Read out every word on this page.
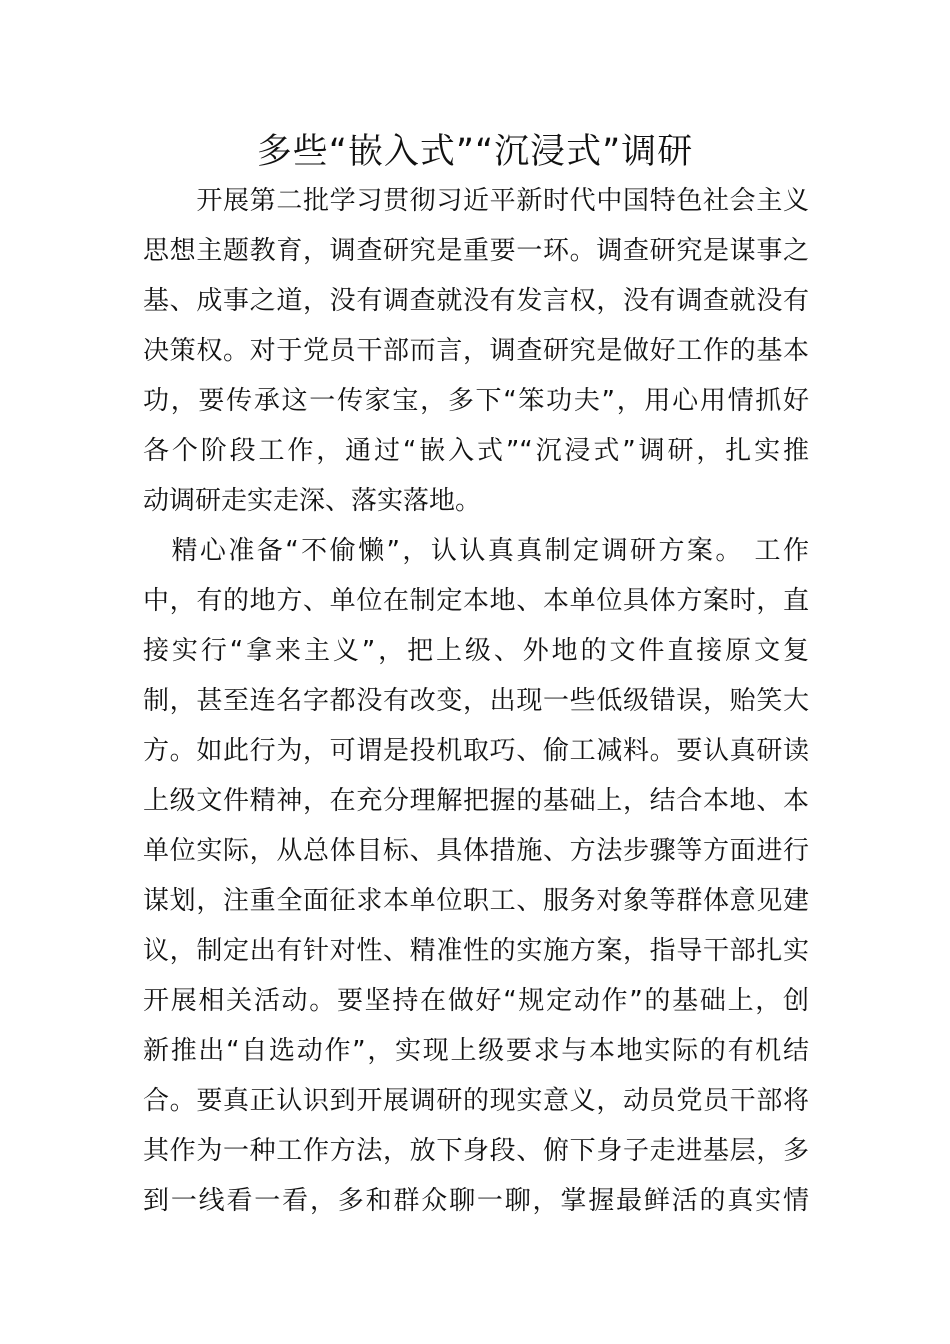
多些“嵌入式”“沉浸式”调研
　　开展第二批学习贯彻习近平新时代中国特色社会主义
思想主题教育，调查研究是重要一环。调查研究是谋事之
基、成事之道，没有调查就没有发言权，没有调查就没有
决策权。对于党员干部而言，调查研究是做好工作的基本
功，要传承这一传家宝，多下“笨功夫”，用心用情抓好
各个阶段工作，通过“嵌入式”“沉浸式”调研，扎实推
动调研走实走深、落实落地。
　精心准备“不偷懒”，认认真真制定调研方案。 工作
中，有的地方、单位在制定本地、本单位具体方案时，直
接实行“拿来主义”，把上级、外地的文件直接原文复
制，甚至连名字都没有改变，出现一些低级错误，贻笑大
方。如此行为，可谓是投机取巧、偷工减料。要认真研读
上级文件精神，在充分理解把握的基础上，结合本地、本
单位实际，从总体目标、具体措施、方法步骤等方面进行
谋划，注重全面征求本单位职工、服务对象等群体意见建
议，制定出有针对性、精准性的实施方案，指导干部扎实
开展相关活动。要坚持在做好“规定动作”的基础上，创
新推出“自选动作”，实现上级要求与本地实际的有机结
合。要真正认识到开展调研的现实意义，动员党员干部将
其作为一种工作方法，放下身段、俯下身子走进基层，多
到一线看一看，多和群众聊一聊，掌握最鲜活的真实情
